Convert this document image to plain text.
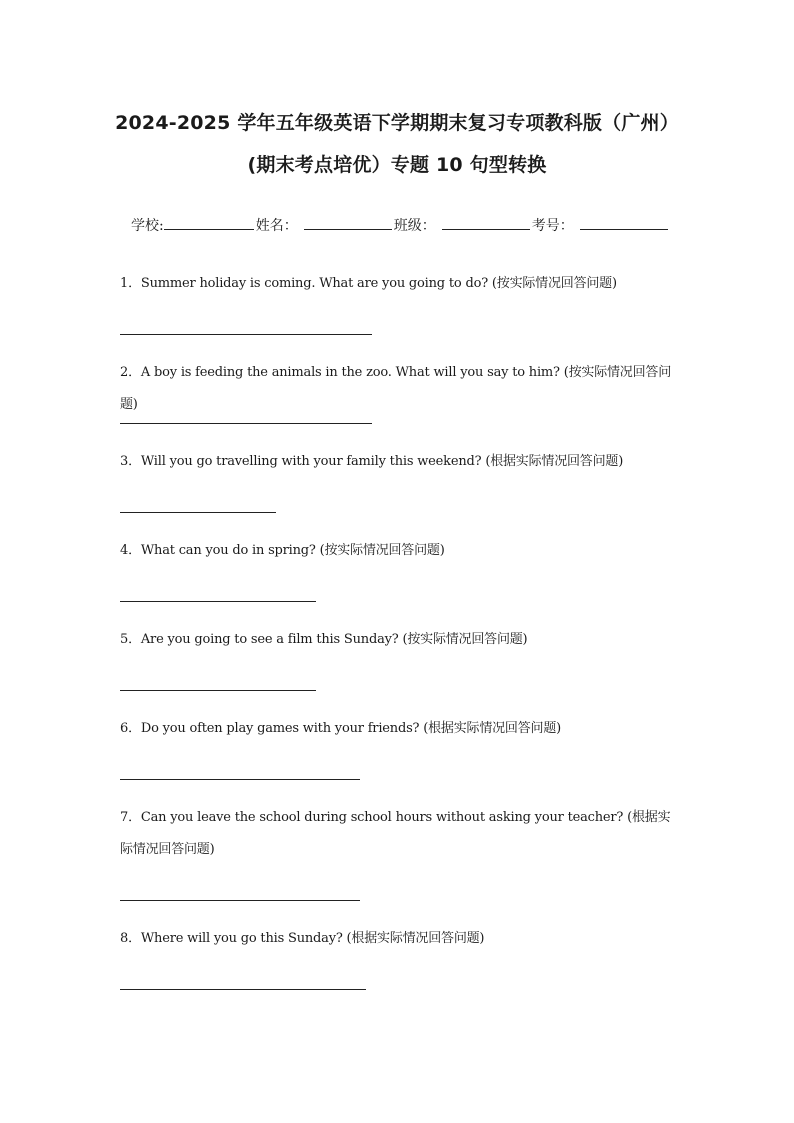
2024-2025 学年五年级英语下学期期末复习专项教科版（广州）
(期末考点培优）专题 10 句型转换
学校:	姓名：	班级：	考号：
1．Summer holiday is coming. What are you going to do? (按实际情况回答问题)
2．A boy is feeding the animals in the zoo. What will you say to him? (按实际情况回答问题)
3．Will you go travelling with your family this weekend? (根据实际情况回答问题)
4．What can you do in spring? (按实际情况回答问题)
5．Are you going to see a film this Sunday? (按实际情况回答问题)
6．Do you often play games with your friends? (根据实际情况回答问题)
7．Can you leave the school during school hours without asking your teacher? (根据实际情况回答问题)
8．Where will you go this Sunday? (根据实际情况回答问题)
